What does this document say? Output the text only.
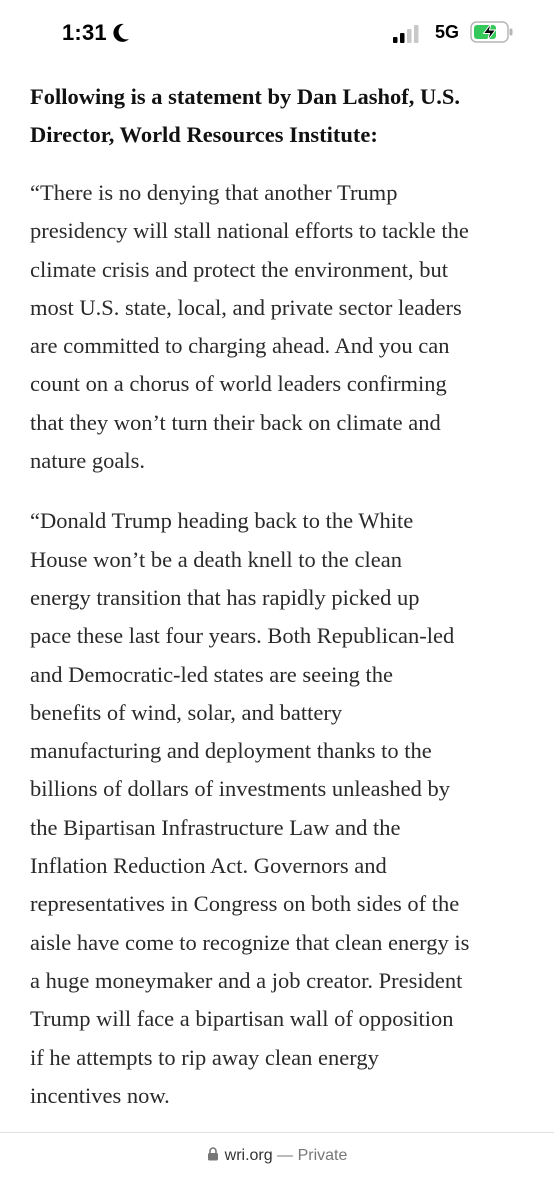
1:31	5G
Following is a statement by Dan Lashof, U.S.
Director, World Resources Institute:
“There is no denying that another Trump
presidency will stall national efforts to tackle the
climate crisis and protect the environment, but
most U.S. state, local, and private sector leaders
are committed to charging ahead. And you can
count on a chorus of world leaders confirming
that they won’t turn their back on climate and
nature goals.
“Donald Trump heading back to the White
House won’t be a death knell to the clean
energy transition that has rapidly picked up
pace these last four years. Both Republican-led
and Democratic-led states are seeing the
benefits of wind, solar, and battery
manufacturing and deployment thanks to the
billions of dollars of investments unleashed by
the Bipartisan Infrastructure Law and the
Inflation Reduction Act. Governors and
representatives in Congress on both sides of the
aisle have come to recognize that clean energy is
a huge moneymaker and a job creator. President
Trump will face a bipartisan wall of opposition
if he attempts to rip away clean energy
incentives now.
wri.org — Private
